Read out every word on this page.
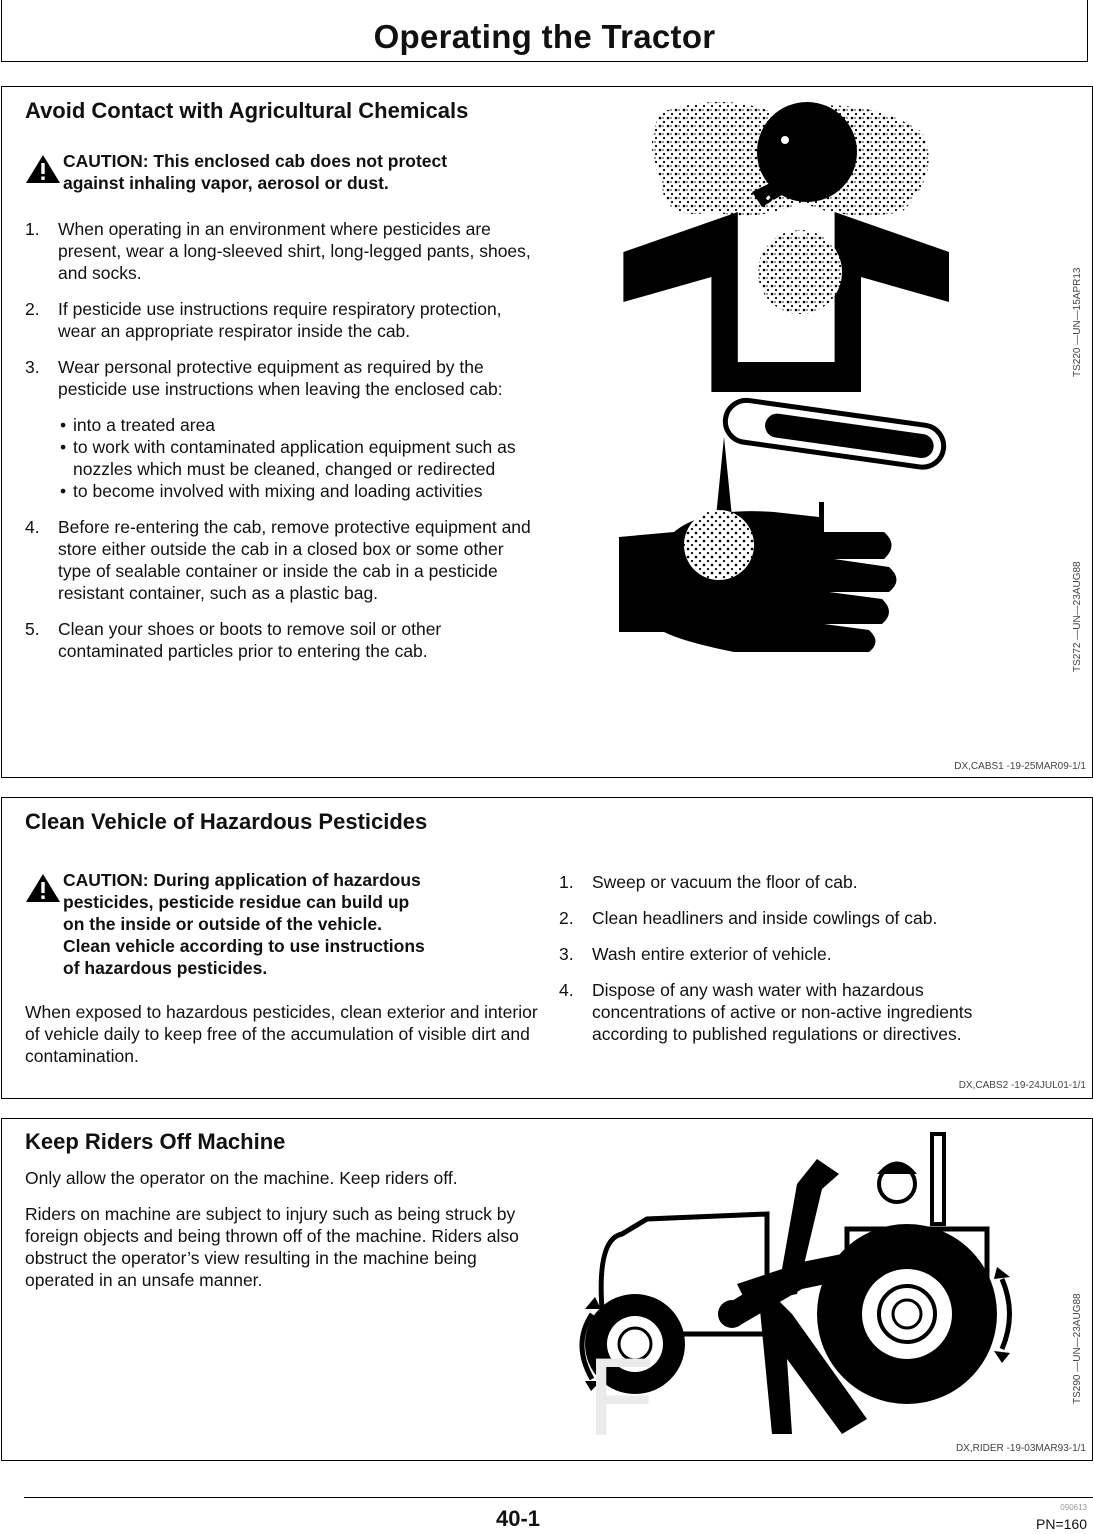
Operating the Tractor
Avoid Contact with Agricultural Chemicals
CAUTION: This enclosed cab does not protect
against inhaling vapor, aerosol or dust.
1. When operating in an environment where pesticides are present, wear a long-sleeved shirt, long-legged pants, shoes, and socks.
2. If pesticide use instructions require respiratory protection, wear an appropriate respirator inside the cab.
3. Wear personal protective equipment as required by the pesticide use instructions when leaving the enclosed cab:
• into a treated area
• to work with contaminated application equipment such as nozzles which must be cleaned, changed or redirected
• to become involved with mixing and loading activities
4. Before re-entering the cab, remove protective equipment and store either outside the cab in a closed box or some other type of sealable container or inside the cab in a pesticide resistant container, such as a plastic bag.
5. Clean your shoes or boots to remove soil or other contaminated particles prior to entering the cab.
TS220 —UN—15APR13
TS272 —UN—23AUG88
DX,CABS1 -19-25MAR09-1/1
Clean Vehicle of Hazardous Pesticides
CAUTION: During application of hazardous
pesticides, pesticide residue can build up
on the inside or outside of the vehicle.
Clean vehicle according to use instructions
of hazardous pesticides.

When exposed to hazardous pesticides, clean exterior and interior of vehicle daily to keep free of the accumulation of visible dirt and contamination.

1. Sweep or vacuum the floor of cab.
2. Clean headliners and inside cowlings of cab.
3. Wash entire exterior of vehicle.
4. Dispose of any wash water with hazardous concentrations of active or non-active ingredients according to published regulations or directives.
DX,CABS2 -19-24JUL01-1/1
Keep Riders Off Machine

Only allow the operator on the machine. Keep riders off.

Riders on machine are subject to injury such as being struck by foreign objects and being thrown off of the machine. Riders also obstruct the operator’s view resulting in the machine being operated in an unsafe manner.

TS290 —UN—23AUG88
F	DX,RIDER -19-03MAR93-1/1
40-1	090613
PN=160
